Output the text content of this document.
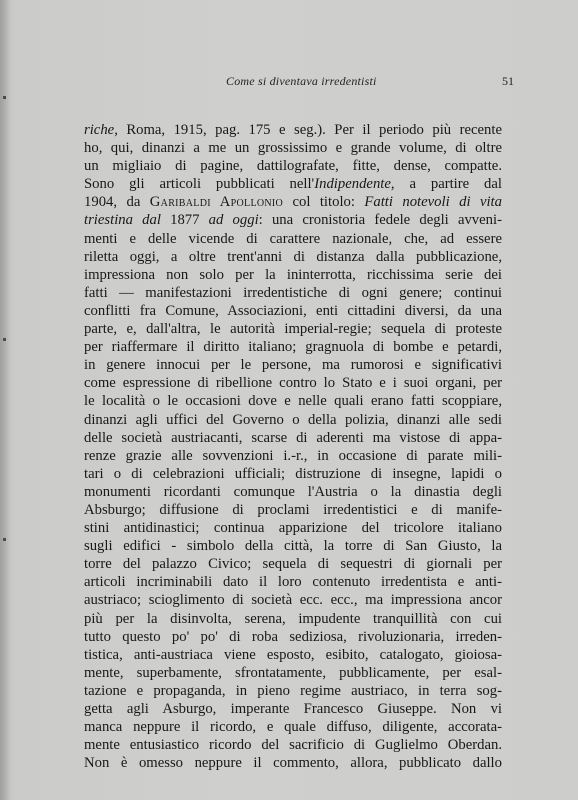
Come si diventava irredentisti	51
riche, Roma, 1915, pag. 175 e seg.). Per il periodo più recente
ho, qui, dinanzi a me un grossissimo e grande volume, di oltre
un migliaio di pagine, dattilografate, fitte, dense, compatte.
Sono gli articoli pubblicati nell'Indipendente, a partire dal
1904, da Garibaldi Apollonio col titolo: Fatti notevoli di vita
triestina dal 1877 ad oggi: una cronistoria fedele degli avveni-
menti e delle vicende di carattere nazionale, che, ad essere
riletta oggi, a oltre trent'anni di distanza dalla pubblicazione,
impressiona non solo per la ininterrotta, ricchissima serie dei
fatti — manifestazioni irredentistiche di ogni genere; continui
conflitti fra Comune, Associazioni, enti cittadini diversi, da una
parte, e, dall'altra, le autorità imperial-regie; sequela di proteste
per riaffermare il diritto italiano; gragnuola di bombe e petardi,
in genere innocui per le persone, ma rumorosi e significativi
come espressione di ribellione contro lo Stato e i suoi organi, per
le località o le occasioni dove e nelle quali erano fatti scoppiare,
dinanzi agli uffici del Governo o della polizia, dinanzi alle sedi
delle società austriacanti, scarse di aderenti ma vistose di appa-
renze grazie alle sovvenzioni i.-r., in occasione di parate mili-
tari o di celebrazioni ufficiali; distruzione di insegne, lapidi o
monumenti ricordanti comunque l'Austria o la dinastia degli
Absburgo; diffusione di proclami irredentistici e di manife-
stini antidinastici; continua apparizione del tricolore italiano
sugli edifici - simbolo della città, la torre di San Giusto, la
torre del palazzo Civico; sequela di sequestri di giornali per
articoli incriminabili dato il loro contenuto irredentista e anti-
austriaco; scioglimento di società ecc. ecc., ma impressiona ancor
più per la disinvolta, serena, impudente tranquillità con cui
tutto questo po' po' di roba sediziosa, rivoluzionaria, irreden-
tistica, anti-austriaca viene esposto, esibito, catalogato, gioiosa-
mente, superbamente, sfrontatamente, pubblicamente, per esal-
tazione e propaganda, in pieno regime austriaco, in terra sog-
getta agli Asburgo, imperante Francesco Giuseppe. Non vi
manca neppure il ricordo, e quale diffuso, diligente, accorata-
mente entusiastico ricordo del sacrificio di Guglielmo Oberdan.
Non è omesso neppure il commento, allora, pubblicato dallo
